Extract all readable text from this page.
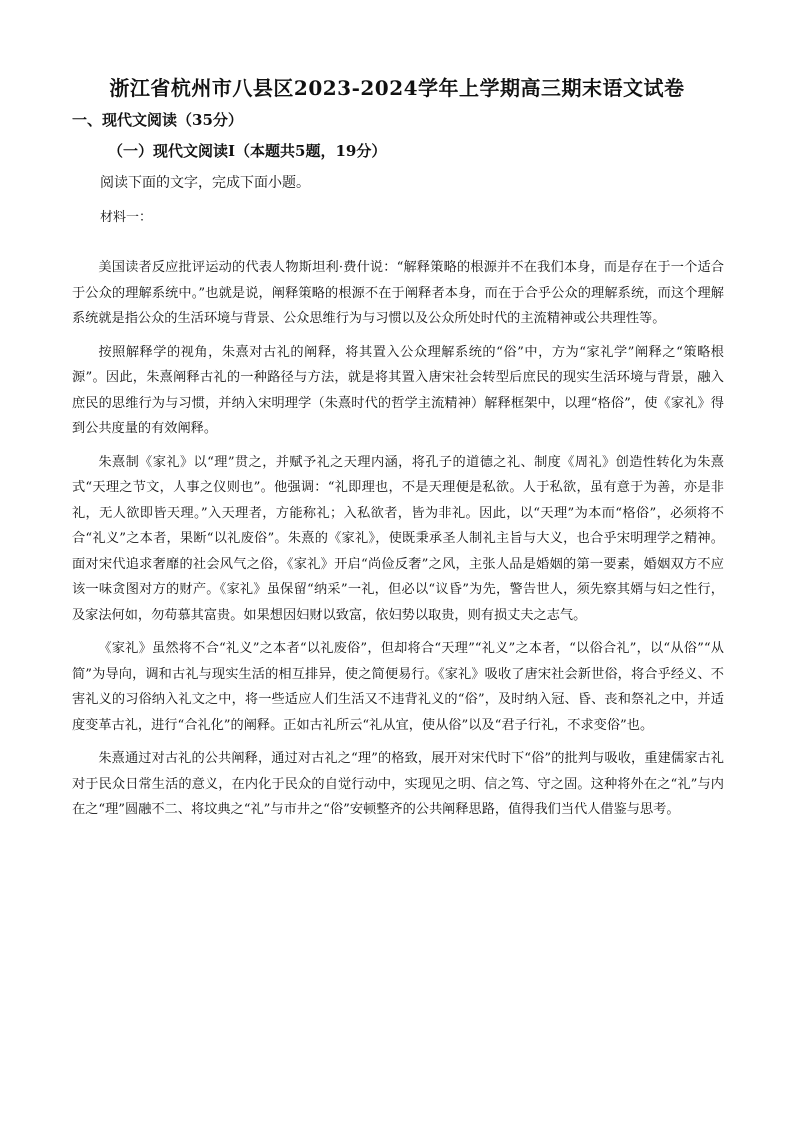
浙江省杭州市八县区2023-2024学年上学期高三期末语文试卷
一、现代文阅读（35分）
（一）现代文阅读Ⅰ（本题共5题，19分）
阅读下面的文字，完成下面小题。
材料一：

美国读者反应批评运动的代表人物斯坦利·费什说：“解释策略的根源并不在我们本身，而是存在于一个适合于公众的理解系统中。”也就是说，阐释策略的根源不在于阐释者本身，而在于合乎公众的理解系统，而这个理解系统就是指公众的生活环境与背景、公众思维行为与习惯以及公众所处时代的主流精神或公共理性等。

按照解释学的视角，朱熹对古礼的阐释，将其置入公众理解系统的“俗”中，方为“家礼学”阐释之“策略根源”。因此，朱熹阐释古礼的一种路径与方法，就是将其置入唐宋社会转型后庶民的现实生活环境与背景，融入庶民的思维行为与习惯，并纳入宋明理学（朱熹时代的哲学主流精神）解释框架中，以理“格俗”，使《家礼》得到公共度量的有效阐释。

朱熹制《家礼》以“理”贯之，并赋予礼之天理内涵，将孔子的道德之礼、制度《周礼》创造性转化为朱熹式“天理之节文，人事之仪则也”。他强调：“礼即理也，不是天理便是私欲。人于私欲，虽有意于为善，亦是非礼，无人欲即皆天理。”入天理者，方能称礼；入私欲者，皆为非礼。因此，以“天理”为本而“格俗”，必须将不合“礼义”之本者，果断“以礼废俗”。朱熹的《家礼》，使既秉承圣人制礼主旨与大义，也合乎宋明理学之精神。面对宋代追求奢靡的社会风气之俗，《家礼》开启“尚俭反奢”之风，主张人品是婚姻的第一要素，婚姻双方不应该一味贪图对方的财产。《家礼》虽保留“纳采”一礼，但必以“议昏”为先，警告世人，须先察其婿与妇之性行，及家法何如，勿苟慕其富贵。如果想因妇财以致富，依妇势以取贵，则有损丈夫之志气。

《家礼》虽然将不合“礼义”之本者“以礼废俗”，但却将合“天理”“礼义”之本者，“以俗合礼”，以“从俗”“从简”为导向，调和古礼与现实生活的相互排异，使之简便易行。《家礼》吸收了唐宋社会新世俗，将合乎经义、不害礼义的习俗纳入礼文之中，将一些适应人们生活又不违背礼义的“俗”，及时纳入冠、昏、丧和祭礼之中，并适度变革古礼，进行“合礼化”的阐释。正如古礼所云“礼从宜，使从俗”以及“君子行礼，不求变俗”也。

朱熹通过对古礼的公共阐释，通过对古礼之“理”的格致，展开对宋代时下“俗”的批判与吸收，重建儒家古礼对于民众日常生活的意义，在内化于民众的自觉行动中，实现见之明、信之笃、守之固。这种将外在之“礼”与内在之“理”圆融不二、将坟典之“礼”与市井之“俗”安顿整齐的公共阐释思路，值得我们当代人借鉴与思考。
